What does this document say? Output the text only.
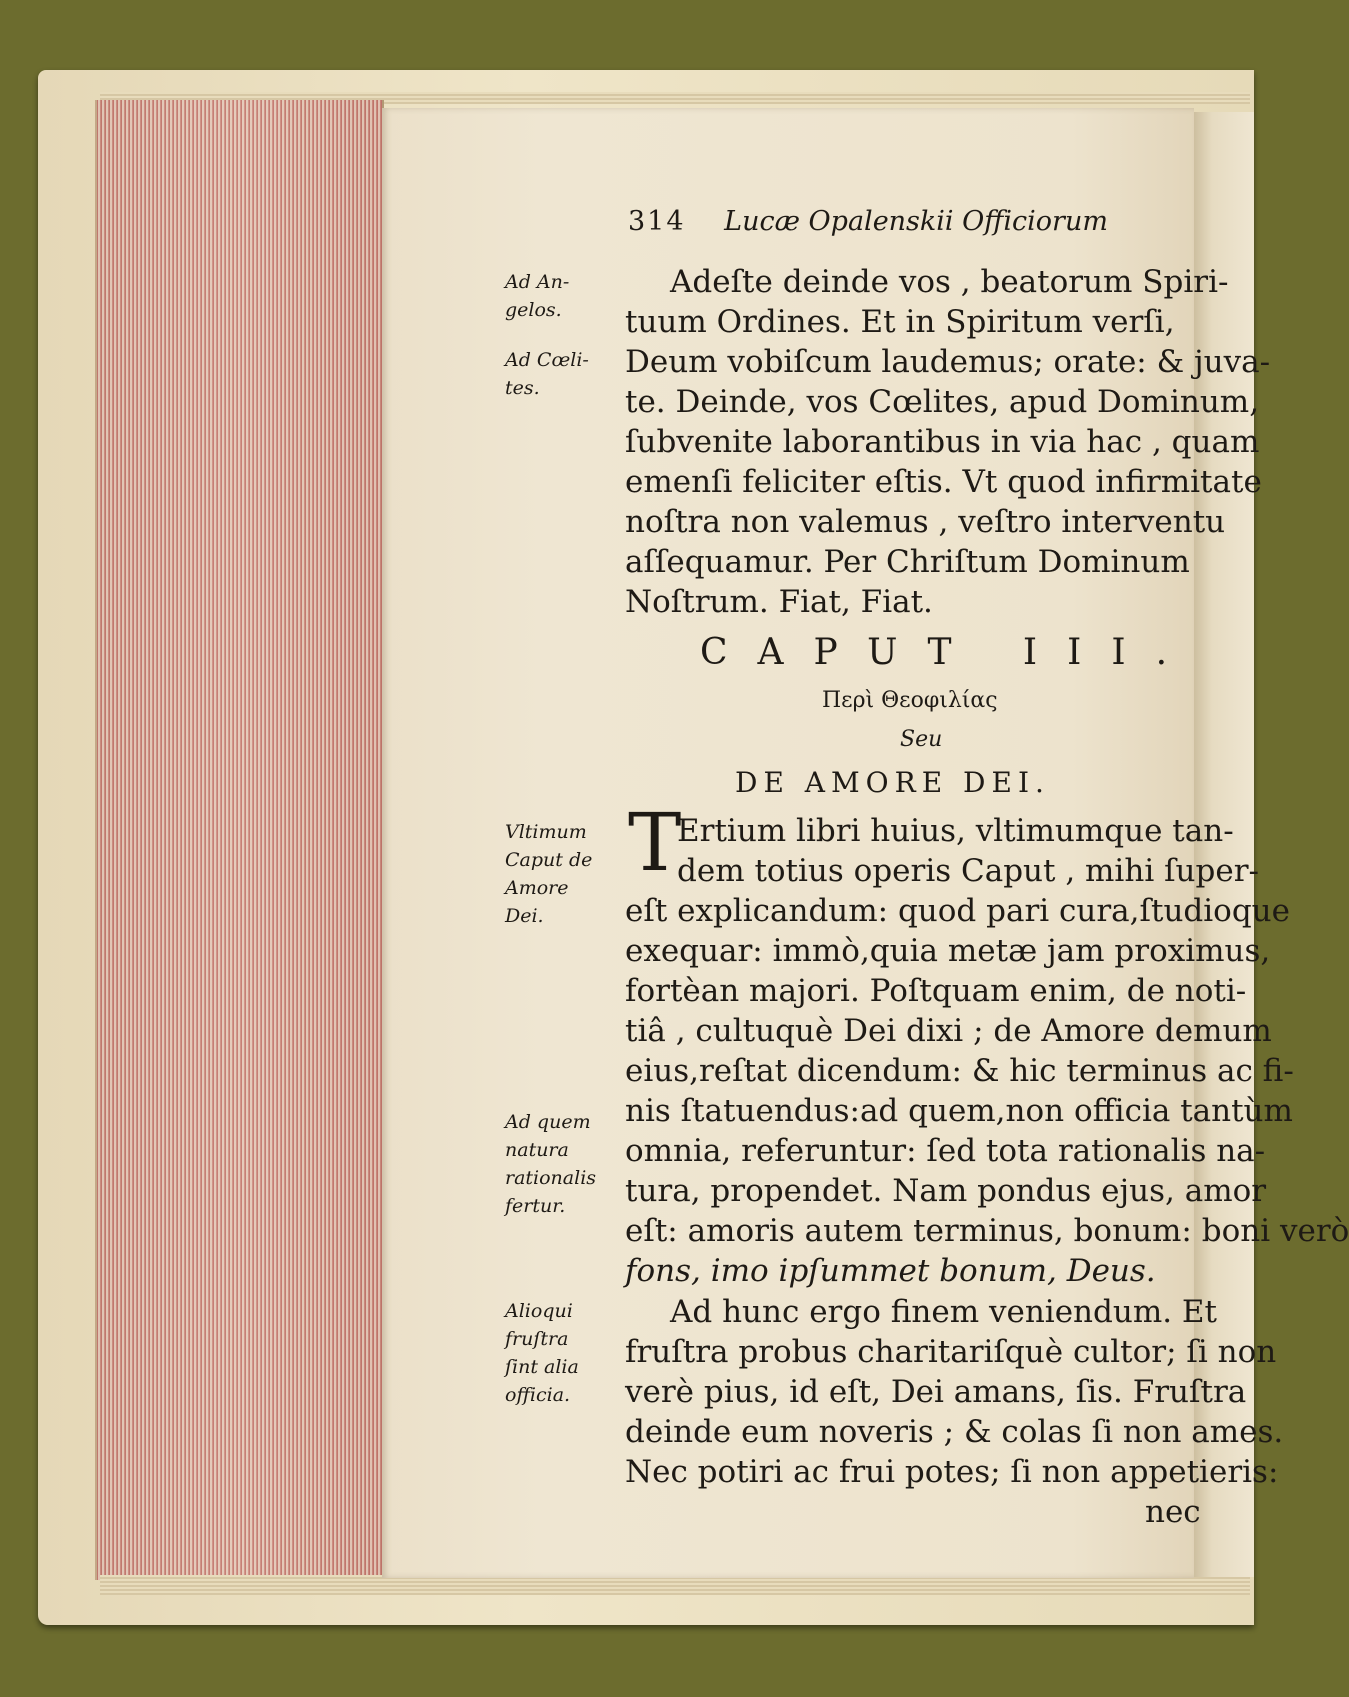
314 Lucæ Opalenskii Officiorum
Ad An-
gelos.
Ad Cœli-
tes.
Vltimum
Caput de
Amore
Dei.
Ad quem
natura
rationalis
fertur.
Alioqui
fruſtra
ſint alia
officia.
Adeſte deinde vos , beatorum Spiri-
tuum Ordines. Et in Spiritum verſi,
Deum vobiſcum laudemus; orate: & juva-
te. Deinde, vos Cœlites, apud Dominum,
ſubvenite laborantibus in via hac , quam
emenſi feliciter eſtis. Vt quod infirmitate
noſtra non valemus , veſtro interventu
aſſequamur. Per Chriſtum Dominum
Noſtrum. Fiat, Fiat.
CAPUT III.
Περὶ Θεοφιλίας
Seu
DE AMORE DEI.
T
Ertium libri huius, vltimumque tan-
dem totius operis Caput , mihi ſuper-
eſt explicandum: quod pari cura,ſtudioque
exequar: immò,quia metæ jam proximus,
fortèan majori. Poſtquam enim, de noti-
tiâ , cultuquè Dei dixi ; de Amore demum
eius,reſtat dicendum: & hic terminus ac fi-
nis ſtatuendus:ad quem,non officia tantùm
omnia, referuntur: ſed tota rationalis na-
tura, propendet. Nam pondus ejus, amor
eſt: amoris autem terminus, bonum: boni verò
fons, imo ipſummet bonum, Deus.
Ad hunc ergo finem veniendum. Et
fruſtra probus charitariſquè cultor; ſi non
verè pius, id eſt, Dei amans, ſis. Fruſtra
deinde eum noveris ; & colas ſi non ames.
Nec potiri ac frui potes; ſi non appetieris:
nec
